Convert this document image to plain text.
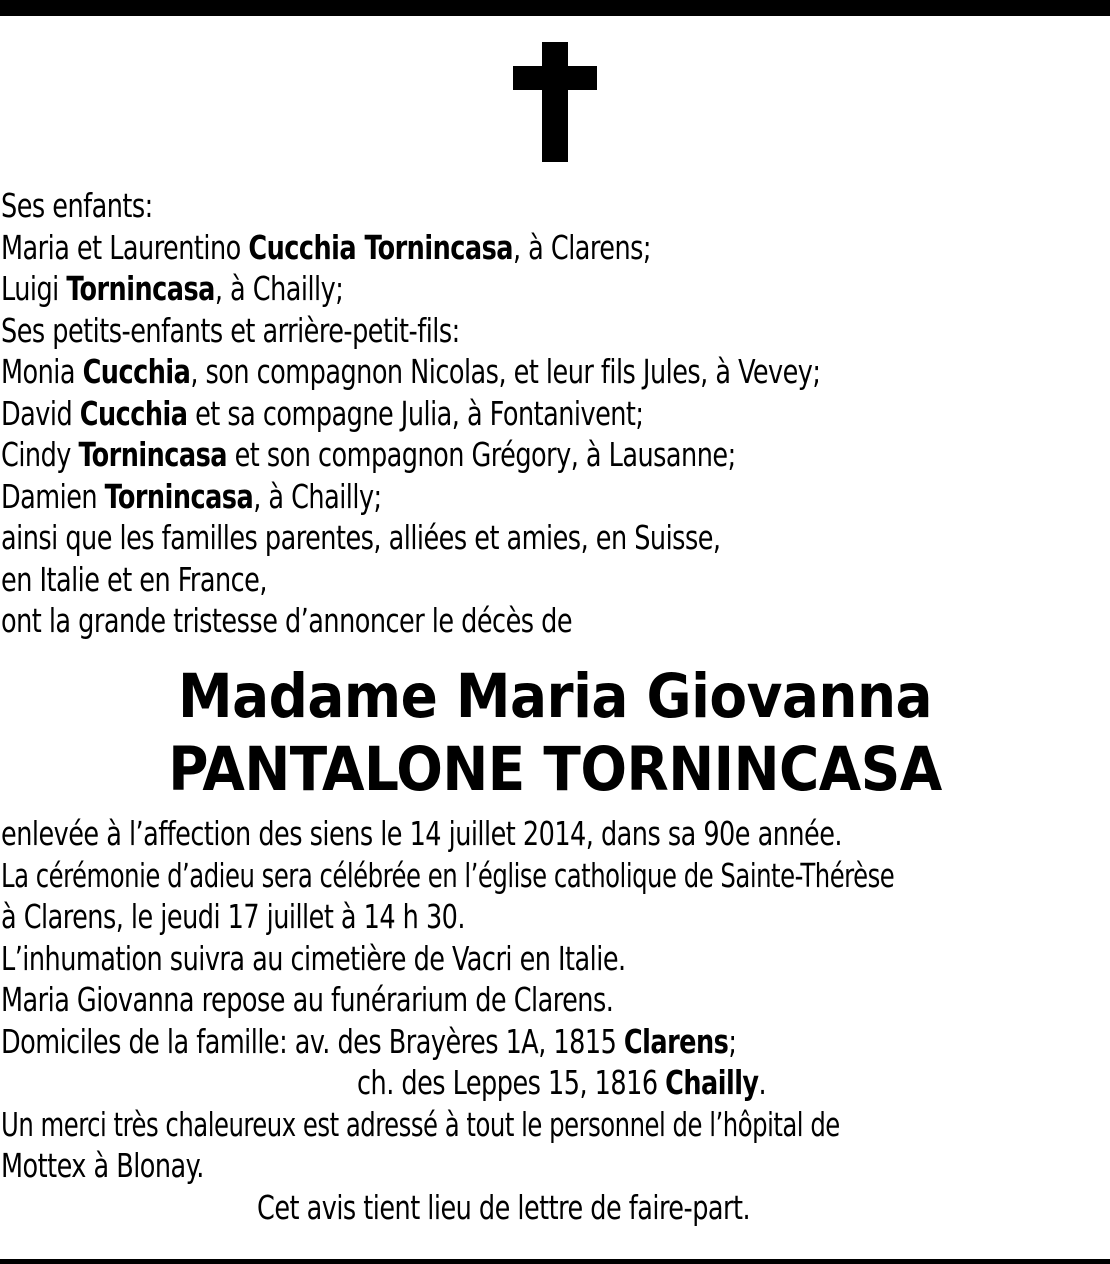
Ses enfants:
Maria et Laurentino Cucchia Tornincasa, à Clarens;
Luigi Tornincasa, à Chailly;
Ses petits-enfants et arrière-petit-fils:
Monia Cucchia, son compagnon Nicolas, et leur fils Jules, à Vevey;
David Cucchia et sa compagne Julia, à Fontanivent;
Cindy Tornincasa et son compagnon Grégory, à Lausanne;
Damien Tornincasa, à Chailly;
ainsi que les familles parentes, alliées et amies, en Suisse,
en Italie et en France,
ont la grande tristesse d’annoncer le décès de
Madame Maria Giovanna
PANTALONE TORNINCASA
enlevée à l’affection des siens le 14 juillet 2014, dans sa 90e année.
La cérémonie d’adieu sera célébrée en l’église catholique de Sainte-Thérèse
à Clarens, le jeudi 17 juillet à 14 h 30.
L’inhumation suivra au cimetière de Vacri en Italie.
Maria Giovanna repose au funérarium de Clarens.
Domiciles de la famille: av. des Brayères 1A, 1815 Clarens;
ch. des Leppes 15, 1816 Chailly.
Un merci très chaleureux est adressé à tout le personnel de l’hôpital de
Mottex à Blonay.
Cet avis tient lieu de lettre de faire-part.
